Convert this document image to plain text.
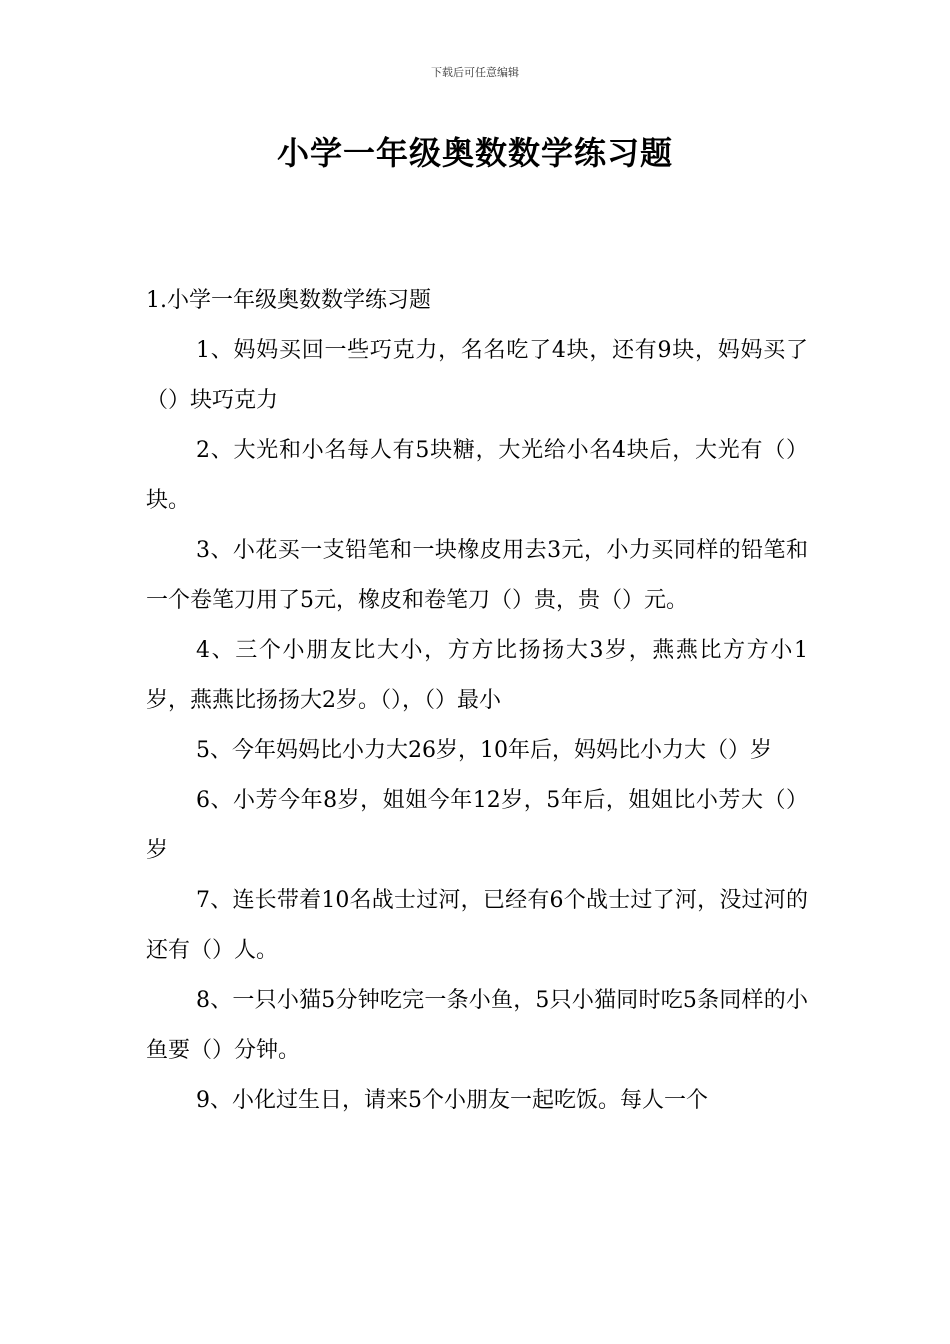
下载后可任意编辑
小学一年级奥数数学练习题

1.小学一年级奥数数学练习题

1、妈妈买回一些巧克力，名名吃了4块，还有9块，妈妈买了（）块巧克力

2、大光和小名每人有5块糖，大光给小名4块后，大光有（）块。

3、小花买一支铅笔和一块橡皮用去3元，小力买同样的铅笔和一个卷笔刀用了5元，橡皮和卷笔刀（）贵，贵（）元。

4、三个小朋友比大小，方方比扬扬大3岁，燕燕比方方小1岁，燕燕比扬扬大2岁。（），（）最小

5、今年妈妈比小力大26岁，10年后，妈妈比小力大（）岁

6、小芳今年8岁，姐姐今年12岁，5年后，姐姐比小芳大（）岁

7、连长带着10名战士过河，已经有6个战士过了河，没过河的还有（）人。

8、一只小猫5分钟吃完一条小鱼，5只小猫同时吃5条同样的小鱼要（）分钟。

9、小化过生日，请来5个小朋友一起吃饭。每人一个
